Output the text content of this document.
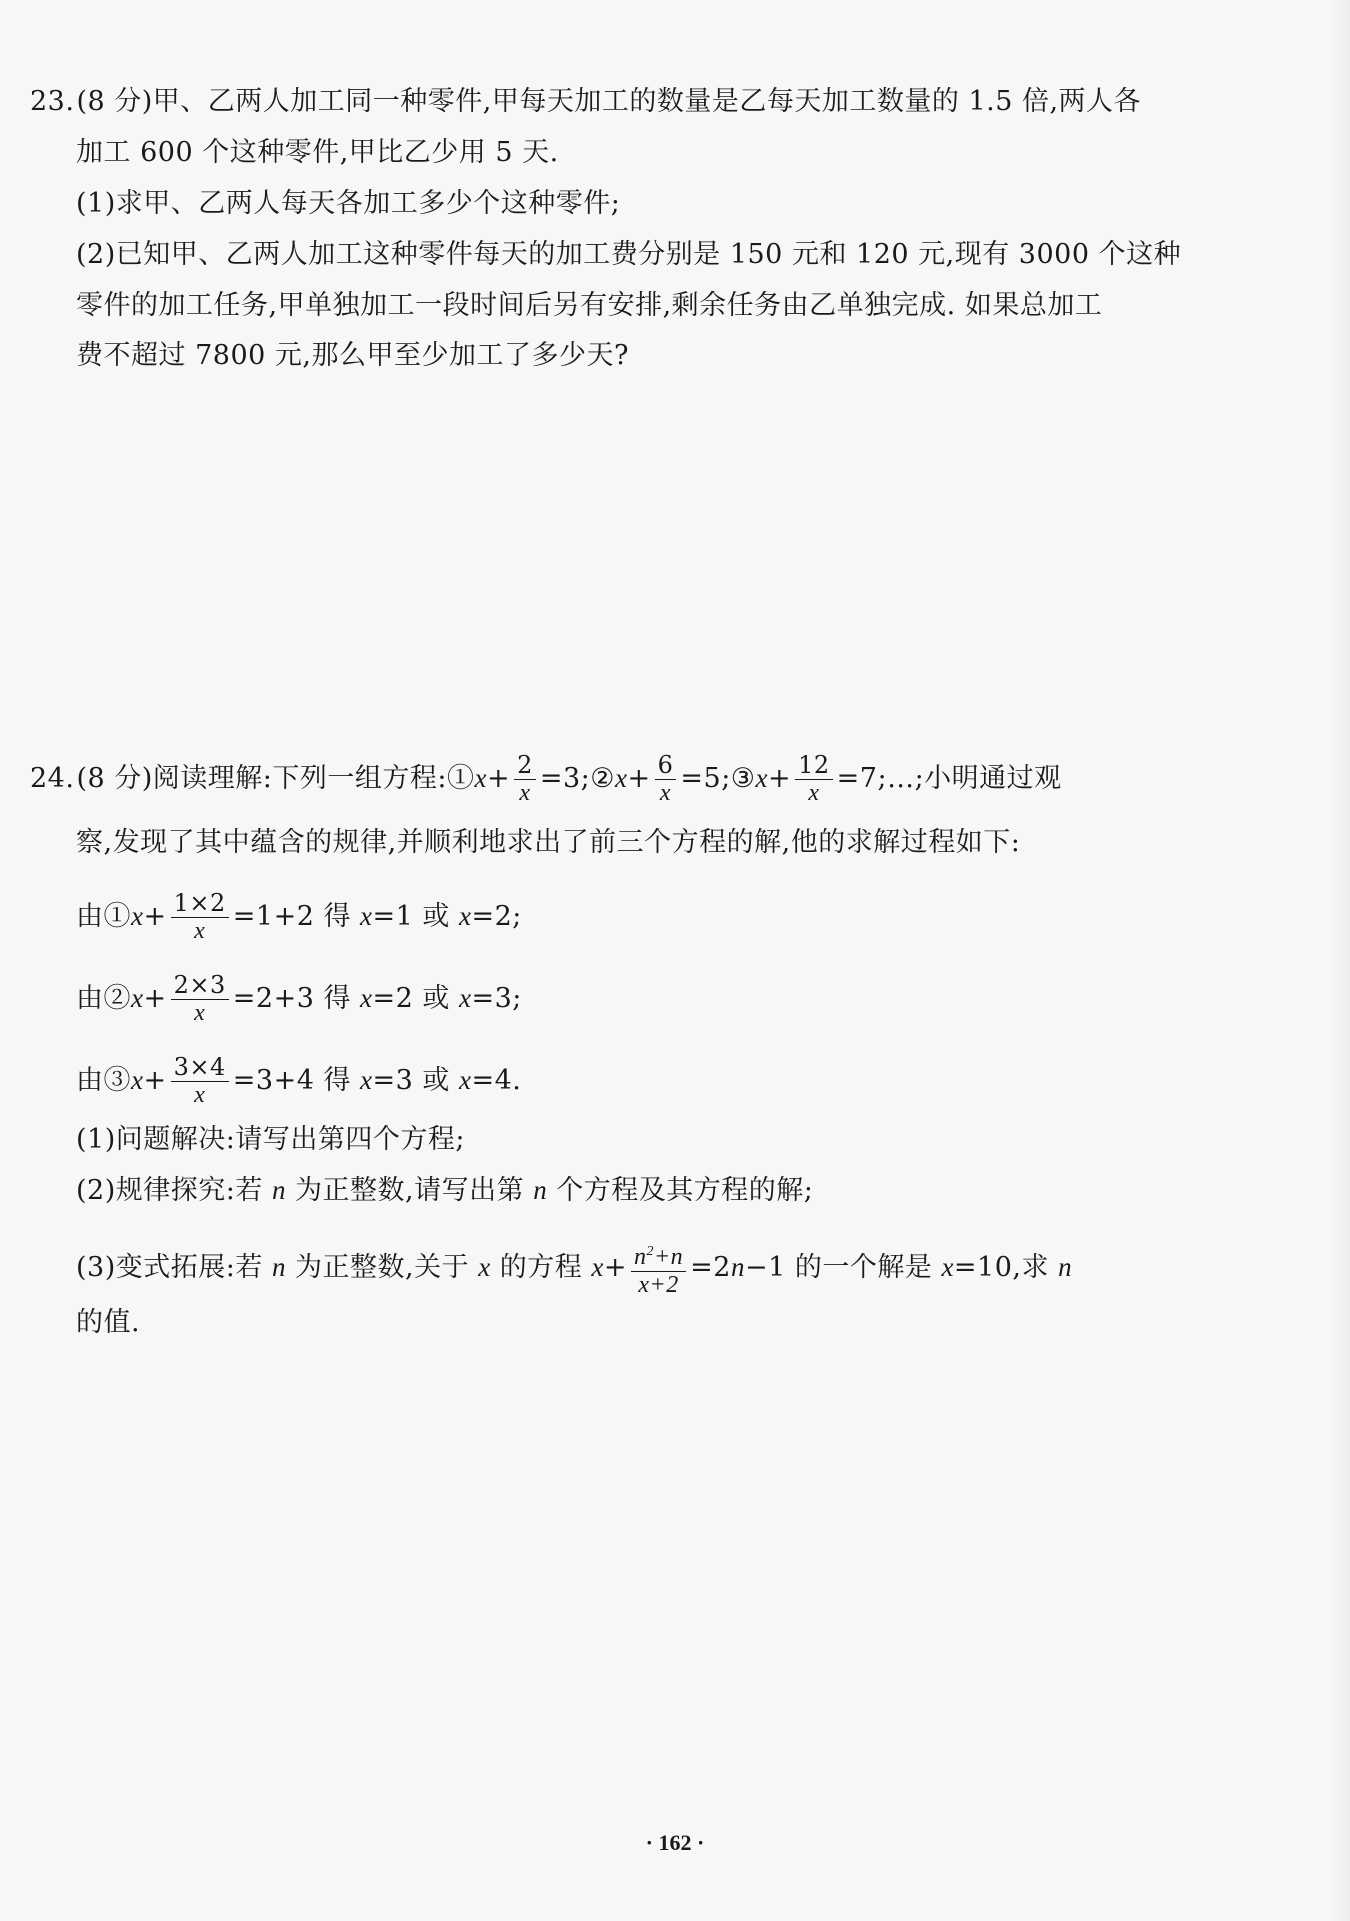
23.(8 分)甲、乙两人加工同一种零件,甲每天加工的数量是乙每天加工数量的 1.5 倍,两人各
加工 600 个这种零件,甲比乙少用 5 天.
(1)求甲、乙两人每天各加工多少个这种零件;
(2)已知甲、乙两人加工这种零件每天的加工费分别是 150 元和 120 元,现有 3000 个这种
零件的加工任务,甲单独加工一段时间后另有安排,剩余任务由乙单独完成. 如果总加工
费不超过 7800 元,那么甲至少加工了多少天?
24.(8 分)阅读理解:下列一组方程:①x+ $\frac{2}{x}$ =3;②x+ $\frac{6}{x}$ =5;③x+ $\frac{12}{x}$ =7;…;小明通过观
察,发现了其中蕴含的规律,并顺利地求出了前三个方程的解,他的求解过程如下:
由①x+ $\frac{1\times 2}{x} =1+2$ 得 x=1 或 x=2;
由②x+ $\frac{2\times 3}{x} =2+3$ 得 x=2 或 x=3;
由③x+ $\frac{3\times 4}{x} =3+4$ 得 x=3 或 x=4.
(1)问题解决:请写出第四个方程;
(2)规律探究:若 n 为正整数,请写出第 n 个方程及其方程的解;
(3)变式拓展:若 n 为正整数,关于 x 的方程 $x+ \frac{n^2+n}{x+2} =2n-1$ 的一个解是 x=10,求 n
的值.
· 162 ·
